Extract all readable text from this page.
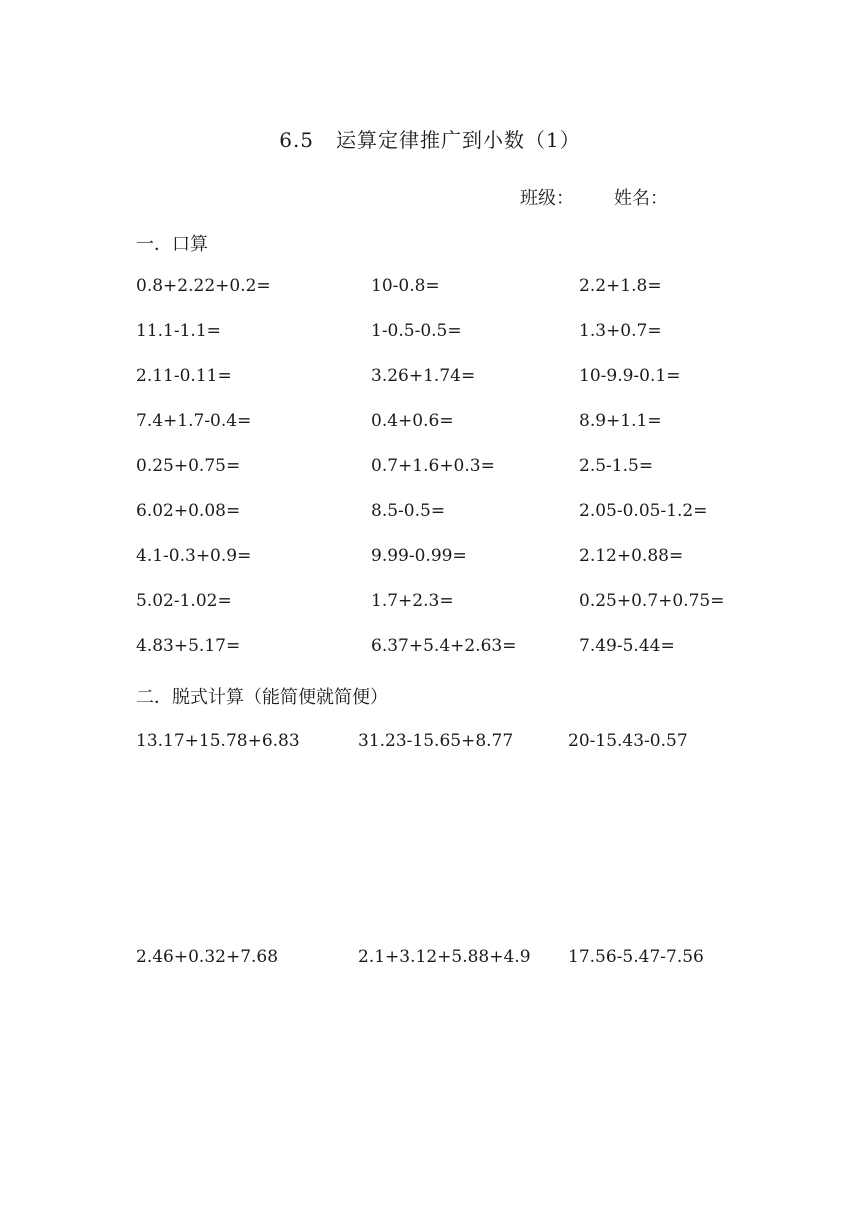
6.5 运算定律推广到小数（1）
班级： 姓名：
一．口算
0.8+2.22+0.2=	10-0.8=	2.2+1.8=
11.1-1.1=	1-0.5-0.5=	1.3+0.7=
2.11-0.11=	3.26+1.74=	10-9.9-0.1=
7.4+1.7-0.4=	0.4+0.6=	8.9+1.1=
0.25+0.75=	0.7+1.6+0.3=	2.5-1.5=
6.02+0.08=	8.5-0.5=	2.05-0.05-1.2=
4.1-0.3+0.9=	9.99-0.99=	2.12+0.88=
5.02-1.02=	1.7+2.3=	0.25+0.7+0.75=
4.83+5.17=	6.37+5.4+2.63=	7.49-5.44=
二．脱式计算（能简便就简便）
13.17+15.78+6.83	31.23-15.65+8.77	20-15.43-0.57
2.46+0.32+7.68	2.1+3.12+5.88+4.9 17.56-5.47-7.56
